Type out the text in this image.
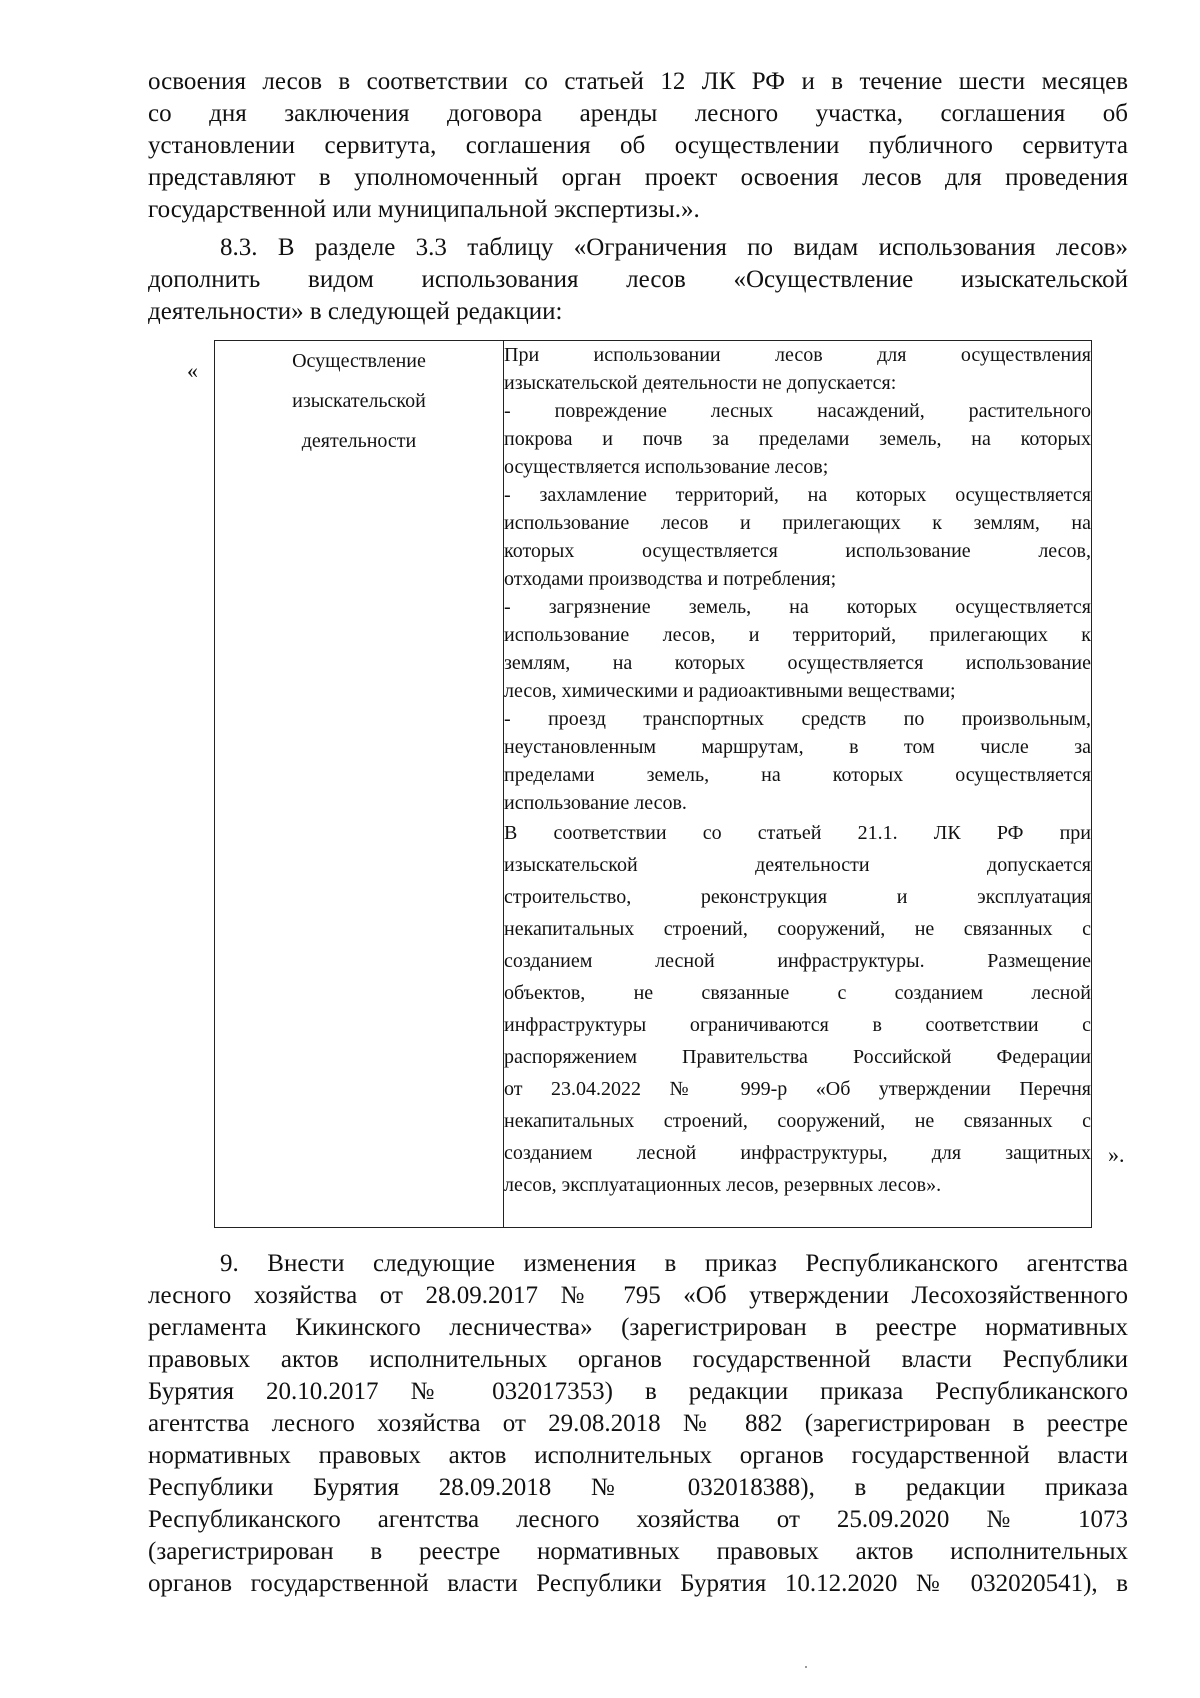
освоения лесов в соответствии со статьей 12 ЛК РФ и в течение шести месяцев
со дня заключения договора аренды лесного участка, соглашения об
установлении сервитута, соглашения об осуществлении публичного сервитута
представляют в уполномоченный орган проект освоения лесов для проведения
государственной или муниципальной экспертизы.».
8.3. В разделе 3.3 таблицу «Ограничения по видам использования лесов»
дополнить видом использования лесов «Осуществление изыскательской
деятельности» в следующей редакции:
«
».
Осуществление
изыскательской
деятельности

При использовании лесов для осуществления
изыскательской деятельности не допускается:
- повреждение лесных насаждений, растительного
покрова и почв за пределами земель, на которых
осуществляется использование лесов;
- захламление территорий, на которых осуществляется
использование лесов и прилегающих к землям, на
которых осуществляется использование лесов,
отходами производства и потребления;
- загрязнение земель, на которых осуществляется
использование лесов, и территорий, прилегающих к
землям, на которых осуществляется использование
лесов, химическими и радиоактивными веществами;
- проезд транспортных средств по произвольным,
неустановленным маршрутам, в том числе за
пределами земель, на которых осуществляется
использование лесов.
В соответствии со статьей 21.1. ЛК РФ при
изыскательской деятельности допускается
строительство, реконструкция и эксплуатация
некапитальных строений, сооружений, не связанных с
созданием лесной инфраструктуры. Размещение
объектов, не связанные с созданием лесной
инфраструктуры ограничиваются в соответствии с
распоряжением Правительства Российской Федерации
от 23.04.2022 № 999-р «Об утверждении Перечня
некапитальных строений, сооружений, не связанных с
созданием лесной инфраструктуры, для защитных
лесов, эксплуатационных лесов, резервных лесов».
9. Внести следующие изменения в приказ Республиканского агентства
лесного хозяйства от 28.09.2017 № 795 «Об утверждении Лесохозяйственного
регламента Кикинского лесничества» (зарегистрирован в реестре нормативных
правовых актов исполнительных органов государственной власти Республики
Бурятия 20.10.2017 № 032017353) в редакции приказа Республиканского
агентства лесного хозяйства от 29.08.2018 № 882 (зарегистрирован в реестре
нормативных правовых актов исполнительных органов государственной власти
Республики Бурятия 28.09.2018 № 032018388), в редакции приказа
Республиканского агентства лесного хозяйства от 25.09.2020 № 1073
(зарегистрирован в реестре нормативных правовых актов исполнительных
органов государственной власти Республики Бурятия 10.12.2020 № 032020541), в
